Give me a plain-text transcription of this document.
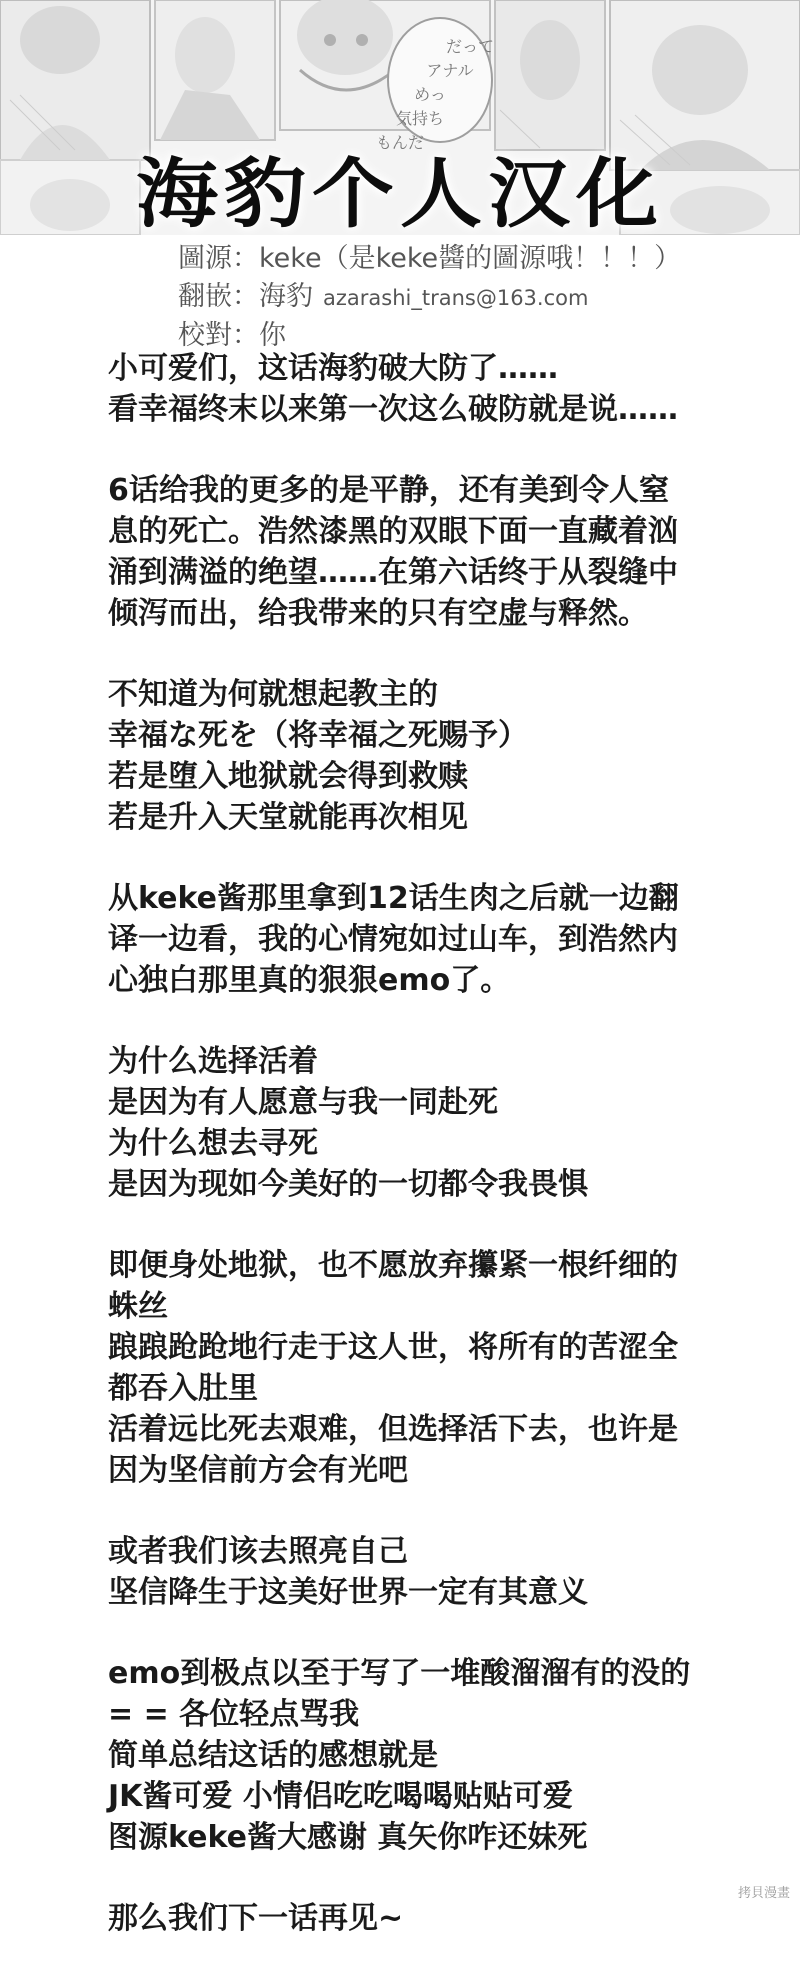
だって
アナル
めっ
気持ち
もんだ
海豹个人汉化
圖源：keke（是keke醬的圖源哦！！！）
翻嵌：海豹 azarashi_trans@163.com
校對：你
小可爱们，这话海豹破大防了……
看幸福终末以来第一次这么破防就是说……
6话给我的更多的是平静，还有美到令人窒
息的死亡。浩然漆黑的双眼下面一直藏着汹
涌到满溢的绝望……在第六话终于从裂缝中
倾泻而出，给我带来的只有空虚与释然。
不知道为何就想起教主的
幸福な死を（将幸福之死赐予）
若是堕入地狱就会得到救赎
若是升入天堂就能再次相见
从keke酱那里拿到12话生肉之后就一边翻
译一边看，我的心情宛如过山车，到浩然内
心独白那里真的狠狠emo了。
为什么选择活着
是因为有人愿意与我一同赴死
为什么想去寻死
是因为现如今美好的一切都令我畏惧
即便身处地狱，也不愿放弃攥紧一根纤细的
蛛丝
踉踉跄跄地行走于这人世，将所有的苦涩全
都吞入肚里
活着远比死去艰难，但选择活下去，也许是
因为坚信前方会有光吧
或者我们该去照亮自己
坚信降生于这美好世界一定有其意义
emo到极点以至于写了一堆酸溜溜有的没的
= = 各位轻点骂我
简单总结这话的感想就是
JK酱可爱 小情侣吃吃喝喝贴贴可爱
图源keke酱大感谢 真矢你咋还妹死
那么我们下一话再见~
拷貝漫畫
